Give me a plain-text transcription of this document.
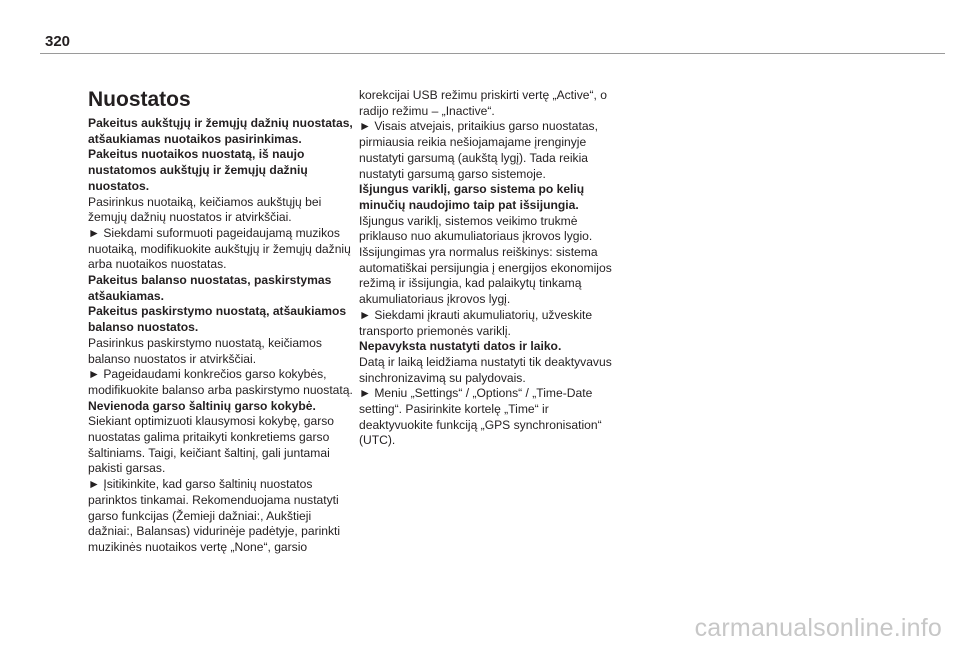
320
Nuostatos

Pakeitus aukštųjų ir žemųjų dažnių nuostatas, atšaukiamas nuotaikos pasirinkimas.

Pakeitus nuotaikos nuostatą, iš naujo nustatomos aukštųjų ir žemųjų dažnių nuostatos.

Pasirinkus nuotaiką, keičiamos aukštųjų bei žemųjų dažnių nuostatos ir atvirkščiai.

► Siekdami suformuoti pageidaujamą muzikos nuotaiką, modifikuokite aukštųjų ir žemųjų dažnių arba nuotaikos nuostatas.

Pakeitus balanso nuostatas, paskirstymas atšaukiamas.

Pakeitus paskirstymo nuostatą, atšaukiamos balanso nuostatos.

Pasirinkus paskirstymo nuostatą, keičiamos balanso nuostatos ir atvirkščiai.

► Pageidaudami konkrečios garso kokybės, modifikuokite balanso arba paskirstymo nuostatą.

Nevienoda garso šaltinių garso kokybė.

Siekiant optimizuoti klausymosi kokybę, garso nuostatas galima pritaikyti konkretiems garso šaltiniams. Taigi, keičiant šaltinį, gali juntamai pakisti garsas.

► Įsitikinkite, kad garso šaltinių nuostatos parinktos tinkamai. Rekomenduojama nustatyti garso funkcijas (Žemieji dažniai:, Aukštieji dažniai:, Balansas) vidurinėje padėtyje, parinkti muzikinės nuotaikos vertę „None“, garsio

korekcijai USB režimu priskirti vertę „Active“, o radijo režimu – „Inactive“.

► Visais atvejais, pritaikius garso nuostatas, pirmiausia reikia nešiojamajame įrenginyje nustatyti garsumą (aukštą lygį). Tada reikia nustatyti garsumą garso sistemoje.

Išjungus variklį, garso sistema po kelių minučių naudojimo taip pat išsijungia.

Išjungus variklį, sistemos veikimo trukmė priklauso nuo akumuliatoriaus įkrovos lygio.

Išsijungimas yra normalus reiškinys: sistema automatiškai persijungia į energijos ekonomijos režimą ir išsijungia, kad palaikytų tinkamą akumuliatoriaus įkrovos lygį.

► Siekdami įkrauti akumuliatorių, užveskite transporto priemonės variklį.

Nepavyksta nustatyti datos ir laiko.

Datą ir laiką leidžiama nustatyti tik deaktyvavus sinchronizavimą su palydovais.

► Meniu „Settings“ / „Options“ / „Time-Date setting“. Pasirinkite kortelę „Time“ ir deaktyvuokite funkciją „GPS synchronisation“ (UTC).

carmanualsonline.info
